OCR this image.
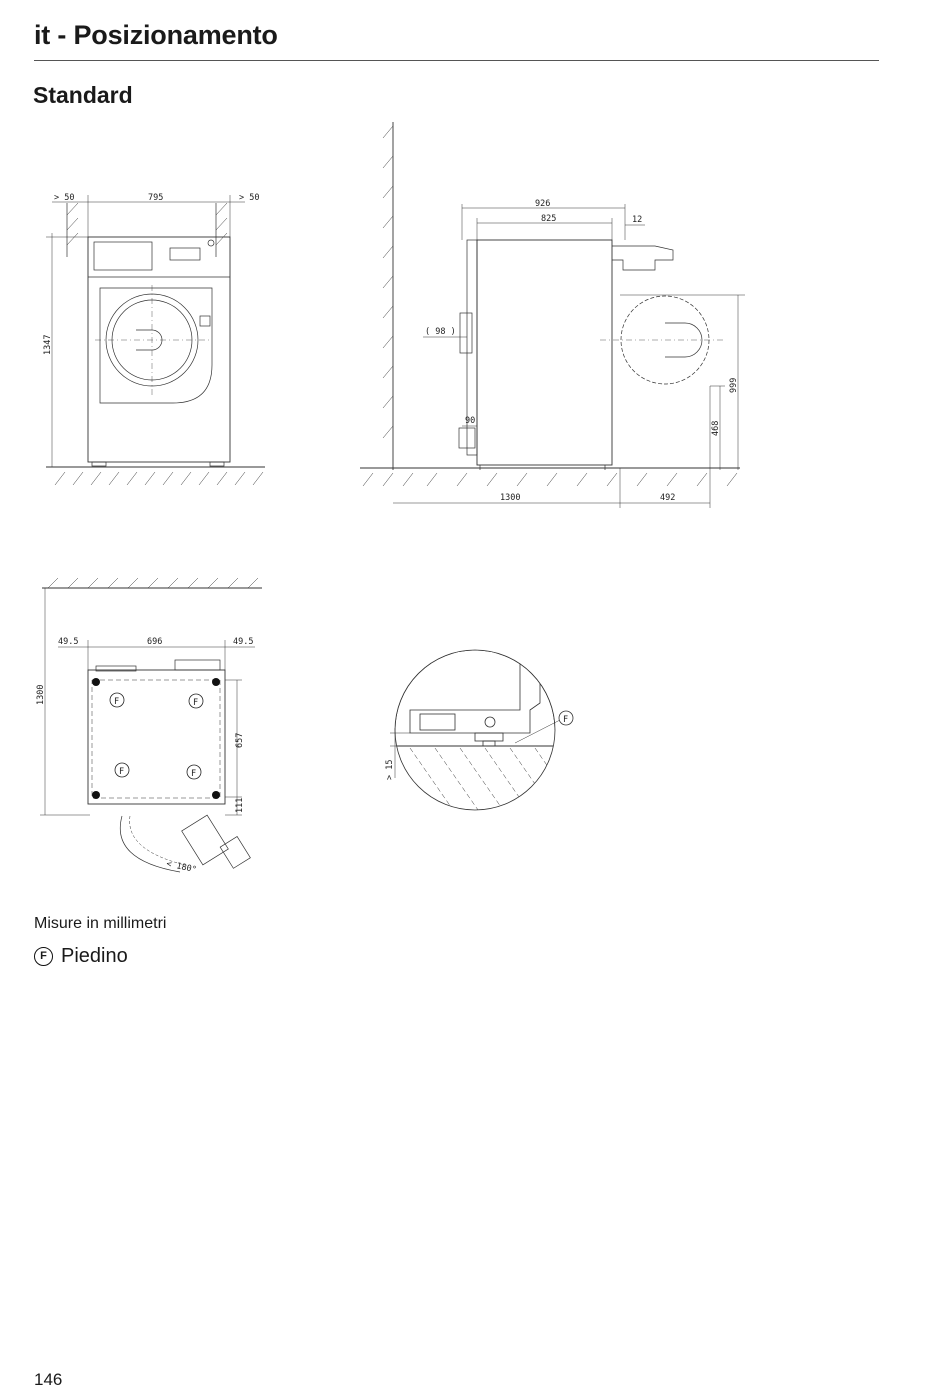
it - Posizionamento
Standard
> 50	795	> 50
1347
926
825	12
( 98 )
90
999
468
1300	492
F	F
F	F
49.5	696	49.5
1300
657
111
< 180°
F
> 15
Misure in millimetri
F Piedino
146
